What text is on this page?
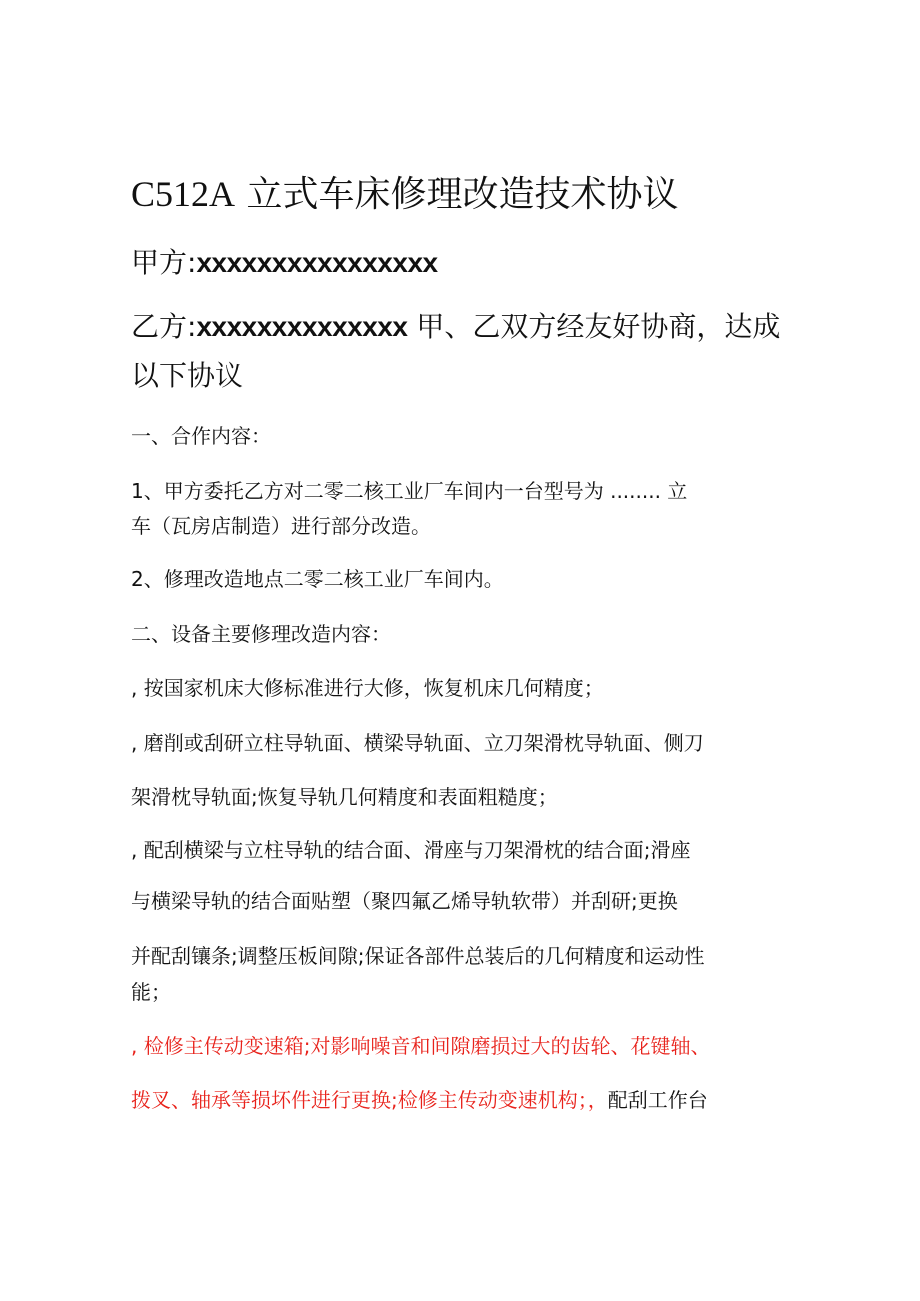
C512A 立式车床修理改造技术协议

甲方:xxxxxxxxxxxxxxxx

乙方:xxxxxxxxxxxxxx 甲、乙双方经友好协商，达成

以下协议

一、合作内容：

1、甲方委托乙方对二零二核工业厂车间内一台型号为 ........ 立

车（瓦房店制造）进行部分改造。

2、修理改造地点二零二核工业厂车间内。

二、设备主要修理改造内容：

, 按国家机床大修标准进行大修，恢复机床几何精度；

, 磨削或刮研立柱导轨面、横梁导轨面、立刀架滑枕导轨面、侧刀

架滑枕导轨面;恢复导轨几何精度和表面粗糙度；

, 配刮横梁与立柱导轨的结合面、滑座与刀架滑枕的结合面;滑座

与横梁导轨的结合面贴塑（聚四氟乙烯导轨软带）并刮研;更换

并配刮镶条;调整压板间隙;保证各部件总装后的几何精度和运动性

能；

, 检修主传动变速箱;对影响噪音和间隙磨损过大的齿轮、花键轴、

拨叉、轴承等损坏件进行更换;检修主传动变速机构；，配刮工作台
